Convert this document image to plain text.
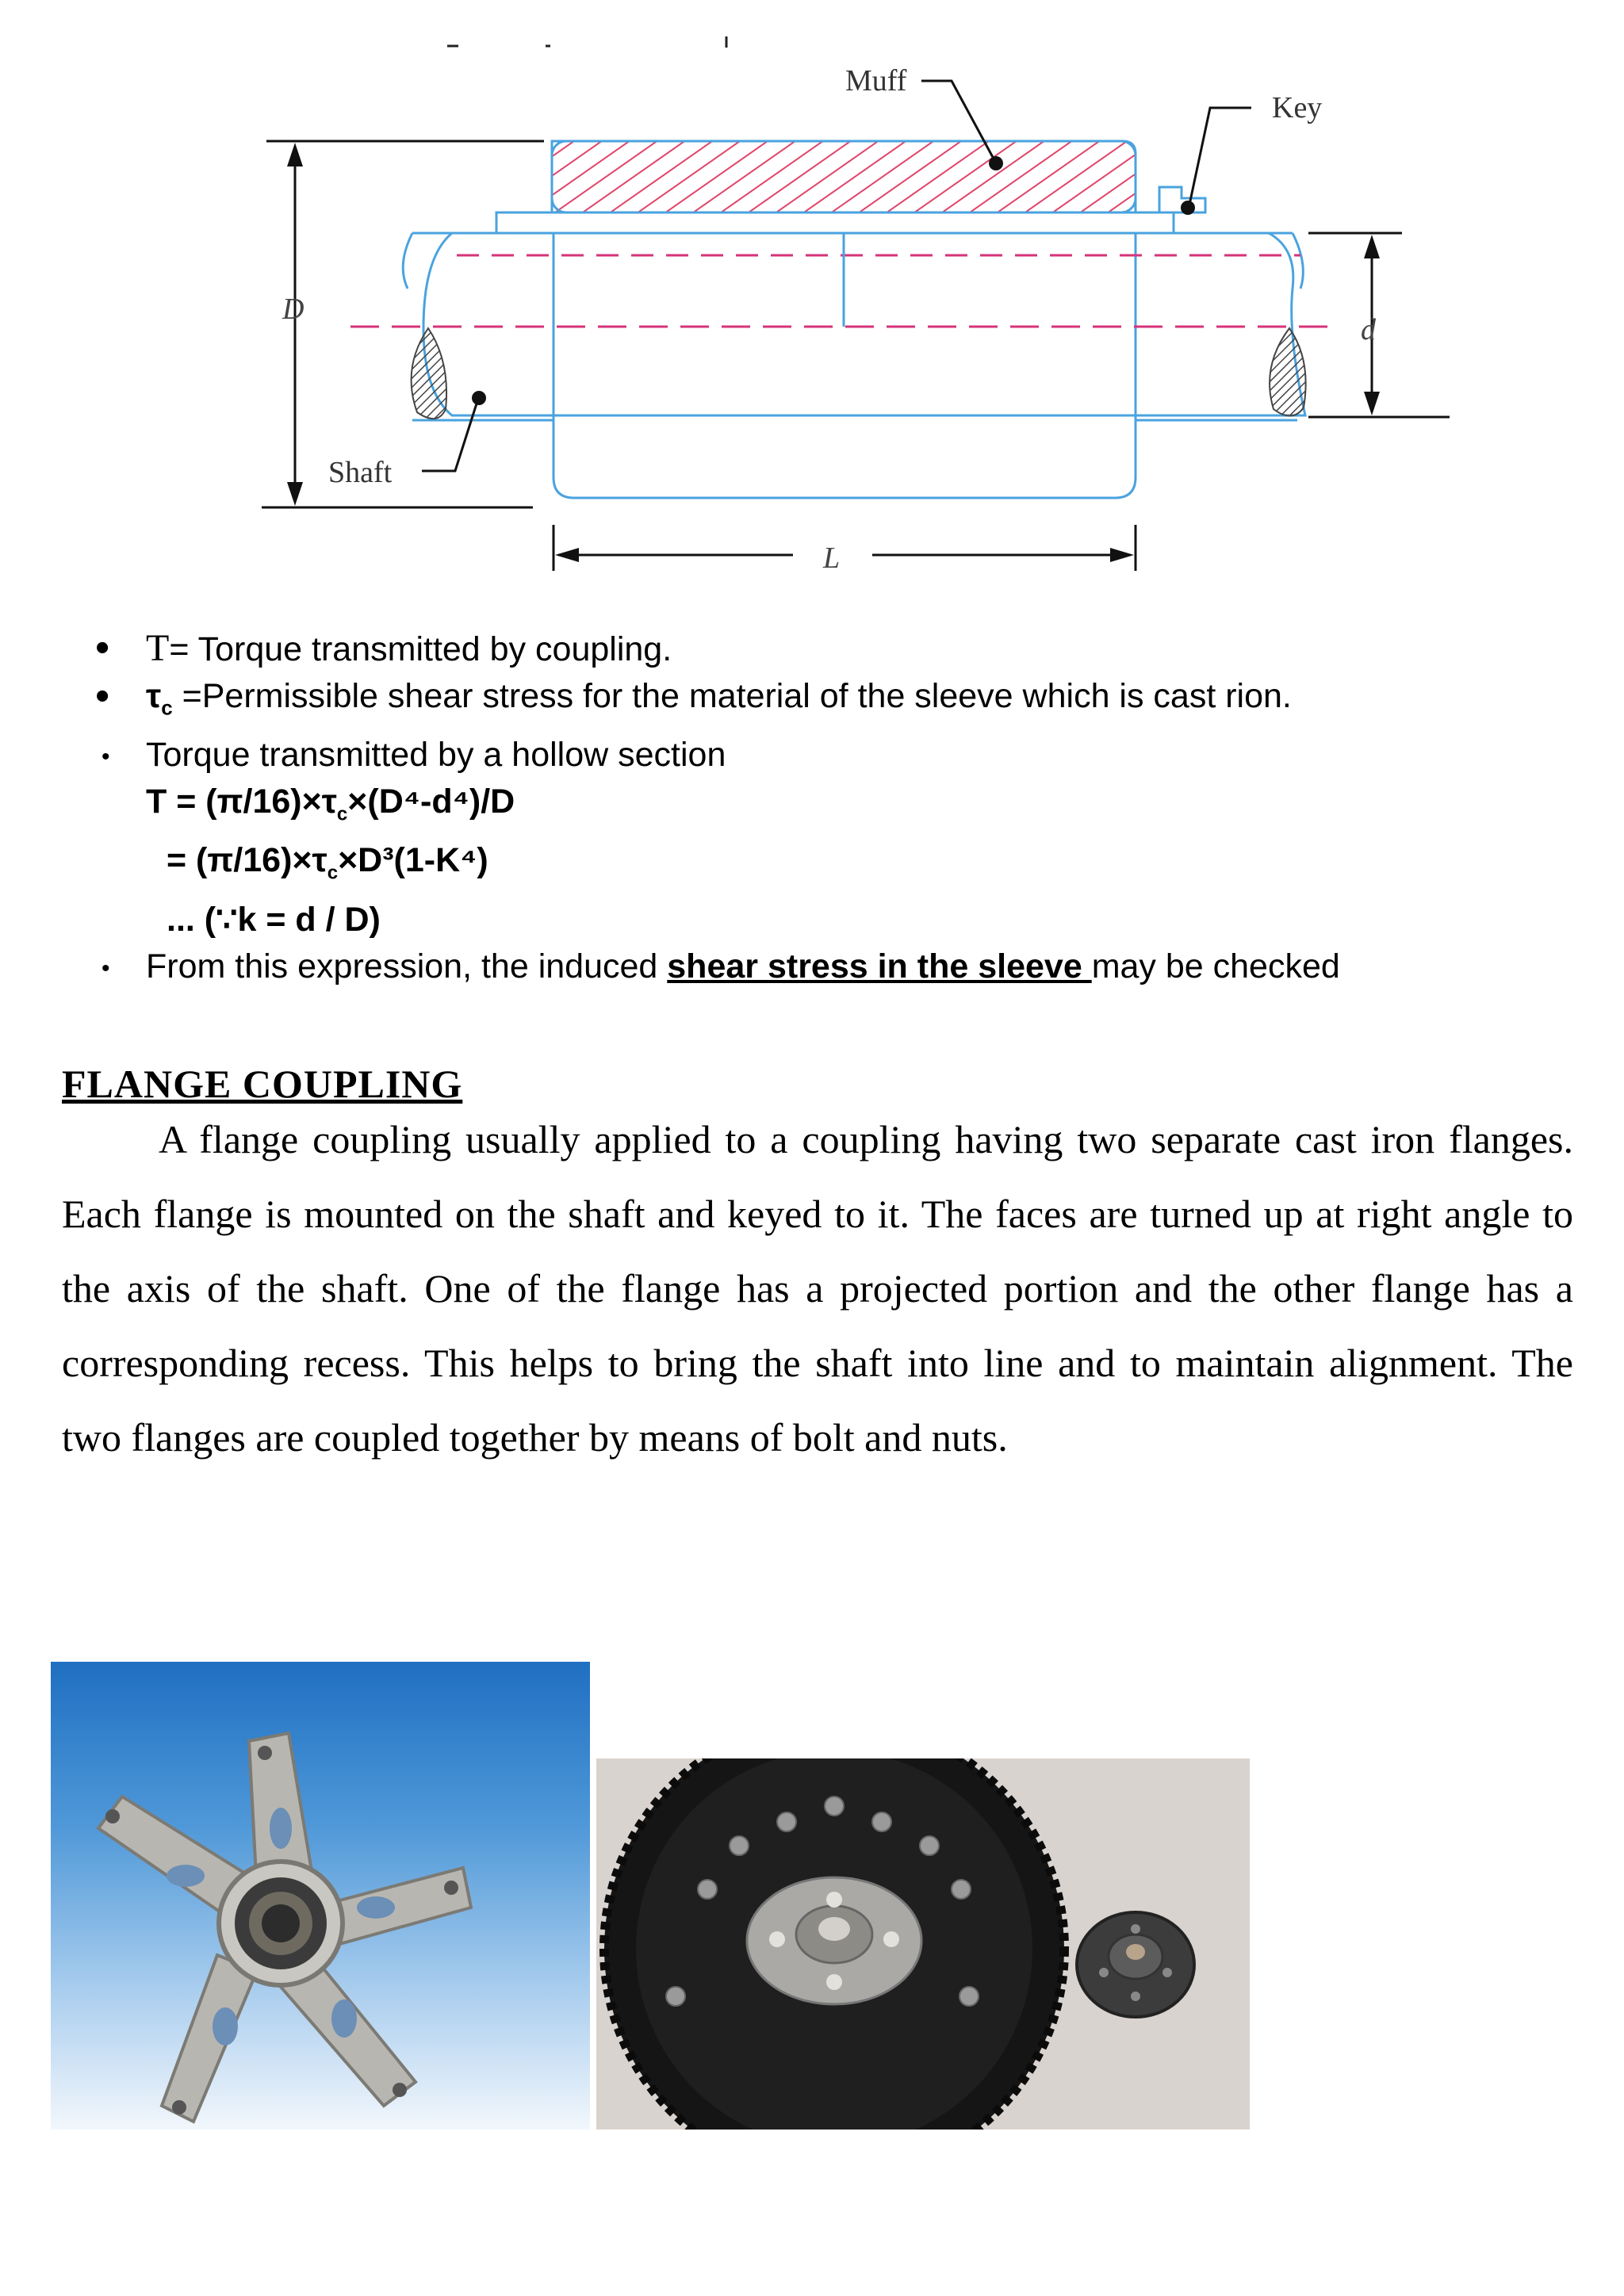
D
d
L
Muff
Key
Shaft
• T= Torque transmitted by coupling.
• $\tau_c$ =Permissible shear stress for the material of the sleeve which is cast rion.
• Torque transmitted by a hollow section
$T = (\pi/16)\times\tau_c\times(D^4-d^4)/D$
= $(\pi/16)\times\tau_c\times D^3(1-K^4)$
... (∵k = d / D)
• From this expression, the induced shear stress in the sleeve may be checked
FLANGE COUPLING
A flange coupling usually applied to a coupling having two separate cast iron flanges. Each flange is mounted on the shaft and keyed to it. The faces are turned up at right angle to the axis of the shaft. One of the flange has a projected portion and the other flange has a corresponding recess. This helps to bring the shaft into line and to maintain alignment. The two flanges are coupled together by means of bolt and nuts.
